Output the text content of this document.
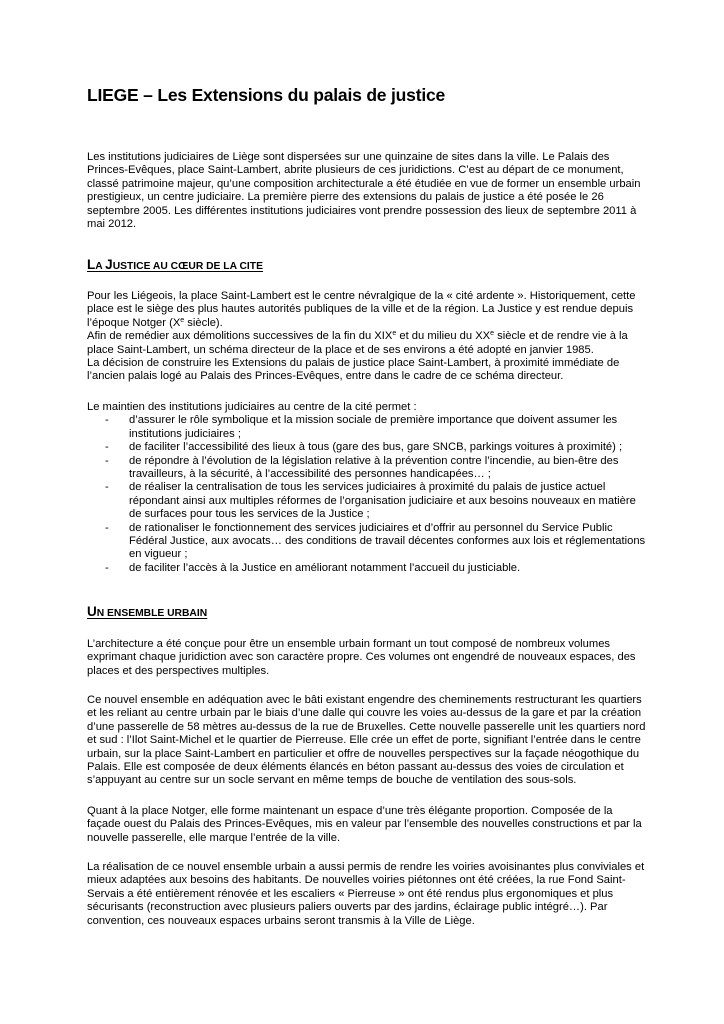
LIEGE – Les Extensions du palais de justice

Les institutions judiciaires de Liège sont dispersées sur une quinzaine de sites dans la ville. Le Palais des Princes-Evêques, place Saint-Lambert, abrite plusieurs de ces juridictions. C’est au départ de ce monument, classé patrimoine majeur, qu’une composition architecturale a été étudiée en vue de former un ensemble urbain prestigieux, un centre judiciaire. La première pierre des extensions du palais de justice a été posée le 26 septembre 2005. Les différentes institutions judiciaires vont prendre possession des lieux de septembre 2011 à mai 2012.

LA JUSTICE AU CŒUR DE LA CITE

Pour les Liégeois, la place Saint-Lambert est le centre névralgique de la « cité ardente ». Historiquement, cette place est le siège des plus hautes autorités publiques de la ville et de la région. La Justice y est rendue depuis l’époque Notger (Xe siècle).

Afin de remédier aux démolitions successives de la fin du XIXe et du milieu du XXe siècle et de rendre vie à la place Saint-Lambert, un schéma directeur de la place et de ses environs a été adopté en janvier 1985.

La décision de construire les Extensions du palais de justice place Saint-Lambert, à proximité immédiate de l’ancien palais logé au Palais des Princes-Evêques, entre dans le cadre de ce schéma directeur.

Le maintien des institutions judiciaires au centre de la cité permet :

- d’assurer le rôle symbolique et la mission sociale de première importance que doivent assumer les institutions judiciaires ;
- de faciliter l’accessibilité des lieux à tous (gare des bus, gare SNCB, parkings voitures à proximité) ;
- de répondre à l’évolution de la législation relative à la prévention contre l’incendie, au bien-être des travailleurs, à la sécurité, à l’accessibilité des personnes handicapées… ;
- de réaliser la centralisation de tous les services judiciaires à proximité du palais de justice actuel répondant ainsi aux multiples réformes de l’organisation judiciaire et aux besoins nouveaux en matière de surfaces pour tous les services de la Justice ;
- de rationaliser le fonctionnement des services judiciaires et d’offrir au personnel du Service Public Fédéral Justice, aux avocats… des conditions de travail décentes conformes aux lois et réglementations en vigueur ;
- de faciliter l’accès à la Justice en améliorant notamment l’accueil du justiciable.
UN ENSEMBLE URBAIN

L’architecture a été conçue pour être un ensemble urbain formant un tout composé de nombreux volumes exprimant chaque juridiction avec son caractère propre. Ces volumes ont engendré de nouveaux espaces, des places et des perspectives multiples.

Ce nouvel ensemble en adéquation avec le bâti existant engendre des cheminements restructurant les quartiers et les reliant au centre urbain par le biais d’une dalle qui couvre les voies au-dessus de la gare et par la création d’une passerelle de 58 mètres au-dessus de la rue de Bruxelles. Cette nouvelle passerelle unit les quartiers nord et sud : l’Ilot Saint-Michel et le quartier de Pierreuse. Elle crée un effet de porte, signifiant l’entrée dans le centre urbain, sur la place Saint-Lambert en particulier et offre de nouvelles perspectives sur la façade néogothique du Palais. Elle est composée de deux éléments élancés en béton passant au-dessus des voies de circulation et s’appuyant au centre sur un socle servant en même temps de bouche de ventilation des sous-sols.

Quant à la place Notger, elle forme maintenant un espace d’une très élégante proportion. Composée de la façade ouest du Palais des Princes-Evêques, mis en valeur par l’ensemble des nouvelles constructions et par la nouvelle passerelle, elle marque l’entrée de la ville.

La réalisation de ce nouvel ensemble urbain a aussi permis de rendre les voiries avoisinantes plus conviviales et mieux adaptées aux besoins des habitants. De nouvelles voiries piétonnes ont été créées, la rue Fond Saint-Servais a été entièrement rénovée et les escaliers « Pierreuse » ont été rendus plus ergonomiques et plus sécurisants (reconstruction avec plusieurs paliers ouverts par des jardins, éclairage public intégré…). Par convention, ces nouveaux espaces urbains seront transmis à la Ville de Liège.
